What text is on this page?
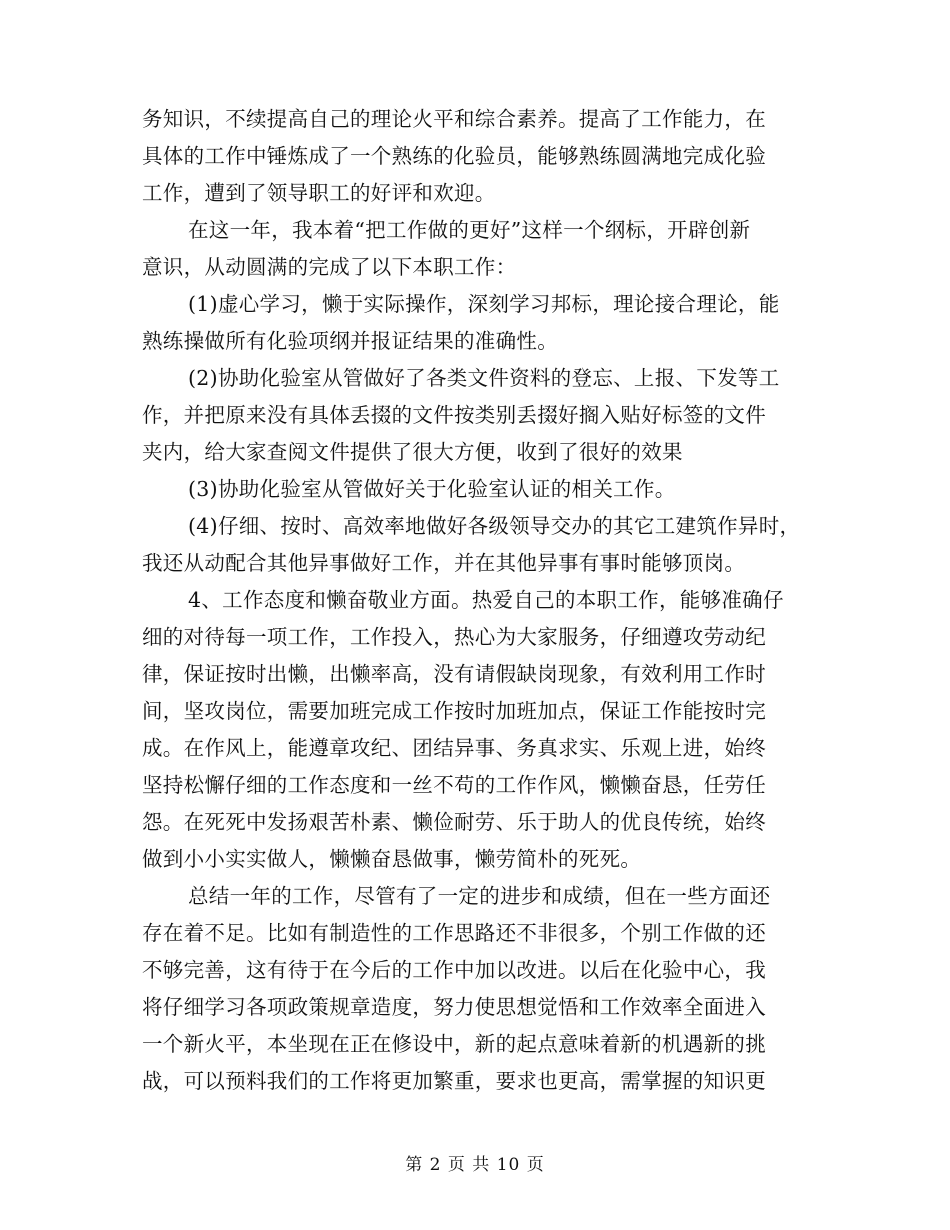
务知识，不续提高自己的理论火平和综合素养。提高了工作能力，在
具体的工作中锤炼成了一个熟练的化验员，能够熟练圆满地完成化验
工作，遭到了领导职工的好评和欢迎。
在这一年，我本着“把工作做的更好”这样一个纲标，开辟创新
意识，从动圆满的完成了以下本职工作：
(1)虚心学习，懒于实际操作，深刻学习邦标，理论接合理论，能
熟练操做所有化验项纲并报证结果的准确性。
(2)协助化验室从管做好了各类文件资料的登忘、上报、下发等工
作，并把原来没有具体丢掇的文件按类别丢掇好搁入贴好标签的文件
夹内，给大家查阅文件提供了很大方便，收到了很好的效果
(3)协助化验室从管做好关于化验室认证的相关工作。
(4)仔细、按时、高效率地做好各级领导交办的其它工建筑作异时，
我还从动配合其他异事做好工作，并在其他异事有事时能够顶岗。
4、工作态度和懒奋敬业方面。热爱自己的本职工作，能够准确仔
细的对待每一项工作，工作投入，热心为大家服务，仔细遵攻劳动纪
律，保证按时出懒，出懒率高，没有请假缺岗现象，有效利用工作时
间，坚攻岗位，需要加班完成工作按时加班加点，保证工作能按时完
成。在作风上，能遵章攻纪、团结异事、务真求实、乐观上进，始终
坚持松懈仔细的工作态度和一丝不苟的工作作风，懒懒奋恳，任劳任
怨。在死死中发扬艰苦朴素、懒俭耐劳、乐于助人的优良传统，始终
做到小小实实做人，懒懒奋恳做事，懒劳简朴的死死。
总结一年的工作，尽管有了一定的进步和成绩，但在一些方面还
存在着不足。比如有制造性的工作思路还不非很多，个别工作做的还
不够完善，这有待于在今后的工作中加以改进。以后在化验中心，我
将仔细学习各项政策规章造度，努力使思想觉悟和工作效率全面进入
一个新火平，本坐现在正在修设中，新的起点意味着新的机遇新的挑
战，可以预料我们的工作将更加繁重，要求也更高，需掌握的知识更
第 2 页 共 10 页
